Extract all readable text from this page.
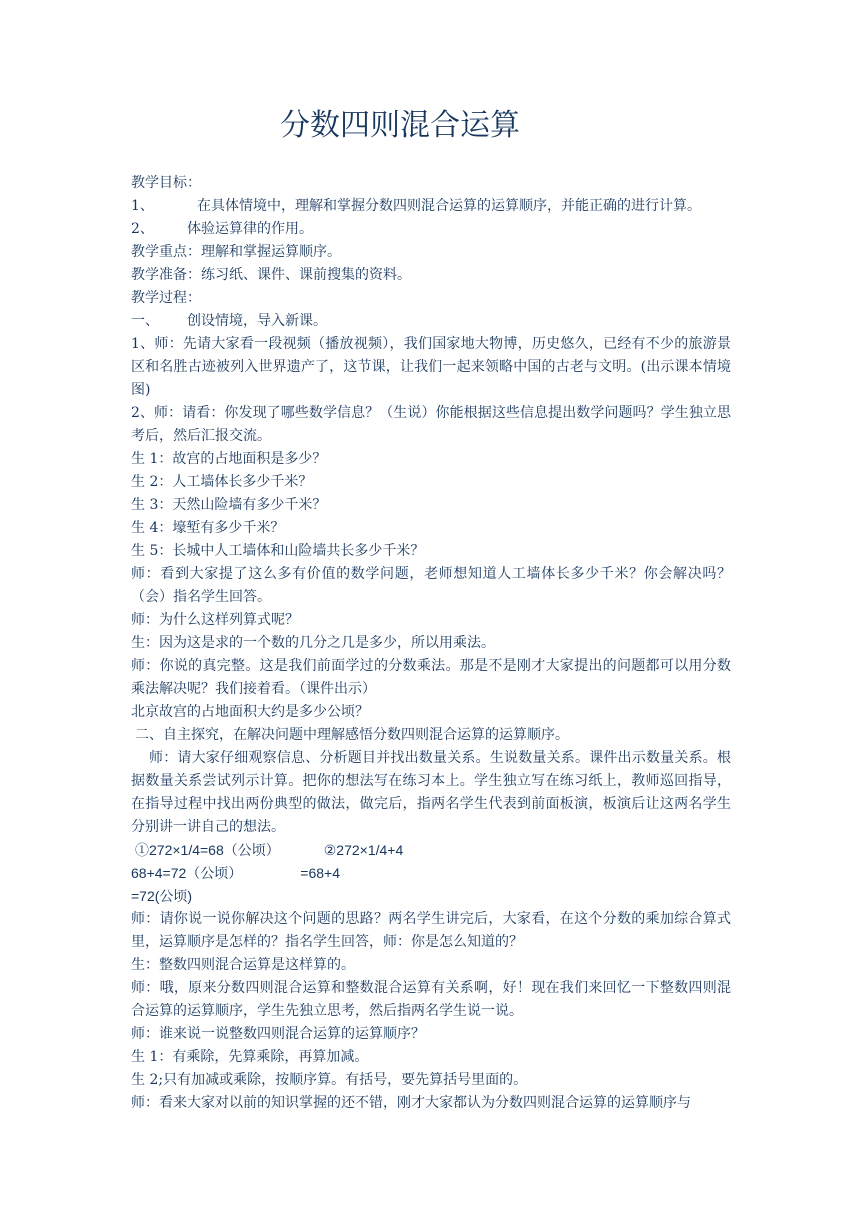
分数四则混合运算

教学目标：

1、	在具体情境中，理解和掌握分数四则混合运算的运算顺序，并能正确的进行计算。

2、 体验运算律的作用。

教学重点：理解和掌握运算顺序。

教学准备：练习纸、课件、课前搜集的资料。

教学过程：

一、 创设情境，导入新课。

1、师：先请大家看一段视频（播放视频），我们国家地大物博，历史悠久，已经有不少的旅游景区和名胜古迹被列入世界遗产了，这节课，让我们一起来领略中国的古老与文明。(出示课本情境图)

2、师：请看：你发现了哪些数学信息？（生说）你能根据这些信息提出数学问题吗？学生独立思考后，然后汇报交流。

生 1：故宫的占地面积是多少？

生 2：人工墙体长多少千米？

生 3：天然山险墙有多少千米？

生 4：壕堑有多少千米？

生 5：长城中人工墙体和山险墙共长多少千米？

师：看到大家提了这么多有价值的数学问题，老师想知道人工墙体长多少千米？你会解决吗？（会）指名学生回答。

师：为什么这样列算式呢？

生：因为这是求的一个数的几分之几是多少，所以用乘法。

师：你说的真完整。这是我们前面学过的分数乘法。那是不是刚才大家提出的问题都可以用分数乘法解决呢？我们接着看。（课件出示）

北京故宫的占地面积大约是多少公顷？

二、自主探究，在解决问题中理解感悟分数四则混合运算的运算顺序。

师：请大家仔细观察信息、分析题目并找出数量关系。生说数量关系。课件出示数量关系。根据数量关系尝试列示计算。把你的想法写在练习本上。学生独立写在练习纸上，教师巡回指导，在指导过程中找出两份典型的做法，做完后，指两名学生代表到前面板演，板演后让这两名学生分别讲一讲自己的想法。

①272×1/4=68（公顷）	②272×1/4+4

68+4=72（公顷）	=68+4

=72(公顷)

师：请你说一说你解决这个问题的思路？两名学生讲完后，大家看，在这个分数的乘加综合算式里，运算顺序是怎样的？指名学生回答，师：你是怎么知道的？

生：整数四则混合运算是这样算的。

师：哦，原来分数四则混合运算和整数混合运算有关系啊，好！现在我们来回忆一下整数四则混合运算的运算顺序，学生先独立思考，然后指两名学生说一说。

师：谁来说一说整数四则混合运算的运算顺序？

生 1：有乘除，先算乘除，再算加减。

生 2;只有加减或乘除，按顺序算。有括号，要先算括号里面的。

师：看来大家对以前的知识掌握的还不错，刚才大家都认为分数四则混合运算的运算顺序与
